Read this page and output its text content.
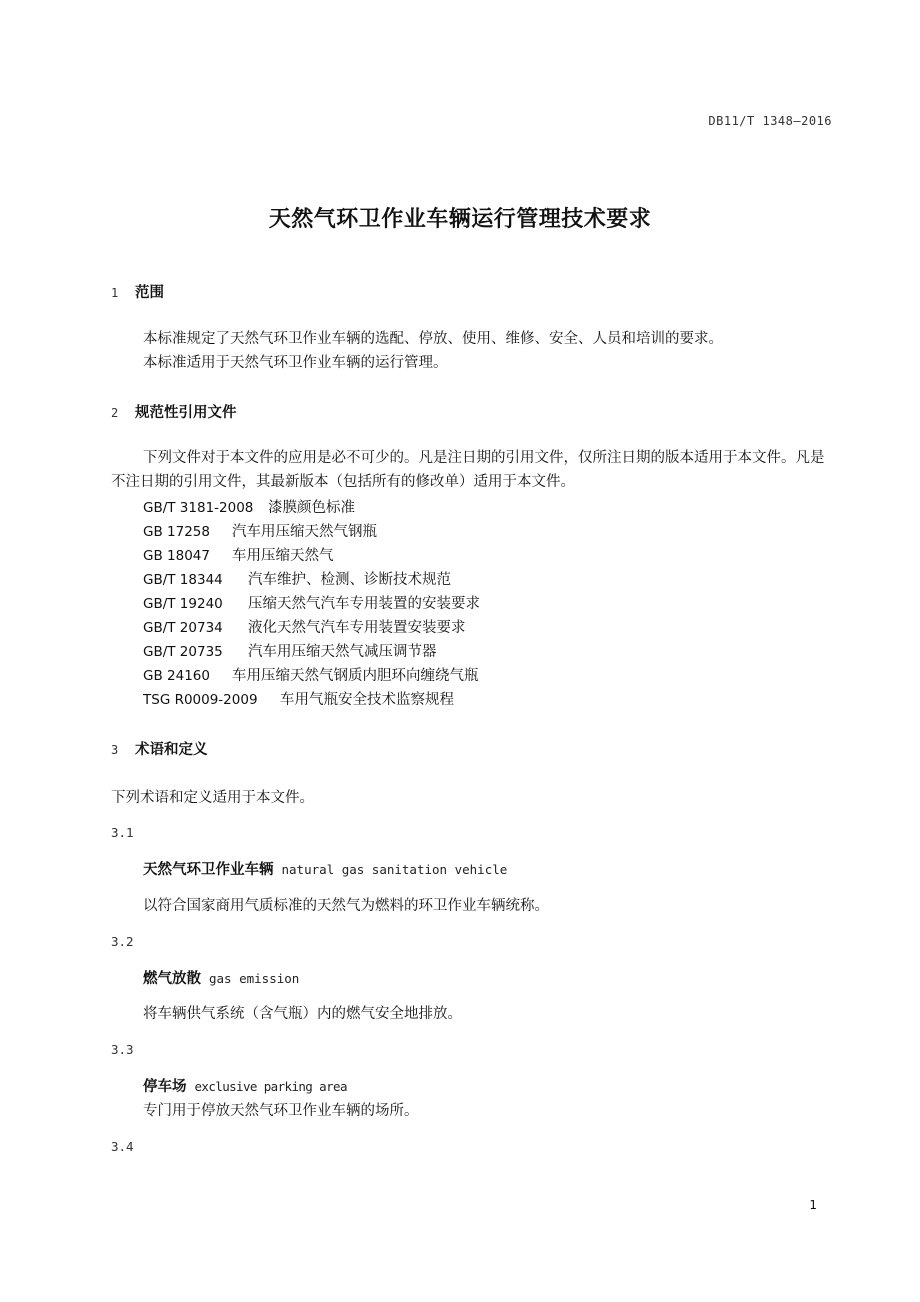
DB11/T 1348—2016
天然气环卫作业车辆运行管理技术要求
1 范围
本标准规定了天然气环卫作业车辆的选配、停放、使用、维修、安全、人员和培训的要求。
本标准适用于天然气环卫作业车辆的运行管理。
2 规范性引用文件
下列文件对于本文件的应用是必不可少的。凡是注日期的引用文件，仅所注日期的版本适用于本文件。凡是不注日期的引用文件，其最新版本（包括所有的修改单）适用于本文件。
GB/T 3181-2008 漆膜颜色标准
GB 17258 汽车用压缩天然气钢瓶
GB 18047 车用压缩天然气
GB/T 18344 汽车维护、检测、诊断技术规范
GB/T 19240 压缩天然气汽车专用装置的安装要求
GB/T 20734 液化天然气汽车专用装置安装要求
GB/T 20735 汽车用压缩天然气减压调节器
GB 24160 车用压缩天然气钢质内胆环向缠绕气瓶
TSG R0009-2009 车用气瓶安全技术监察规程
3 术语和定义
下列术语和定义适用于本文件。
3.1
天然气环卫作业车辆 natural gas sanitation vehicle
以符合国家商用气质标准的天然气为燃料的环卫作业车辆统称。
3.2
燃气放散 gas emission
将车辆供气系统（含气瓶）内的燃气安全地排放。
3.3
停车场 exclusive parking area
专门用于停放天然气环卫作业车辆的场所。
3.4
1
